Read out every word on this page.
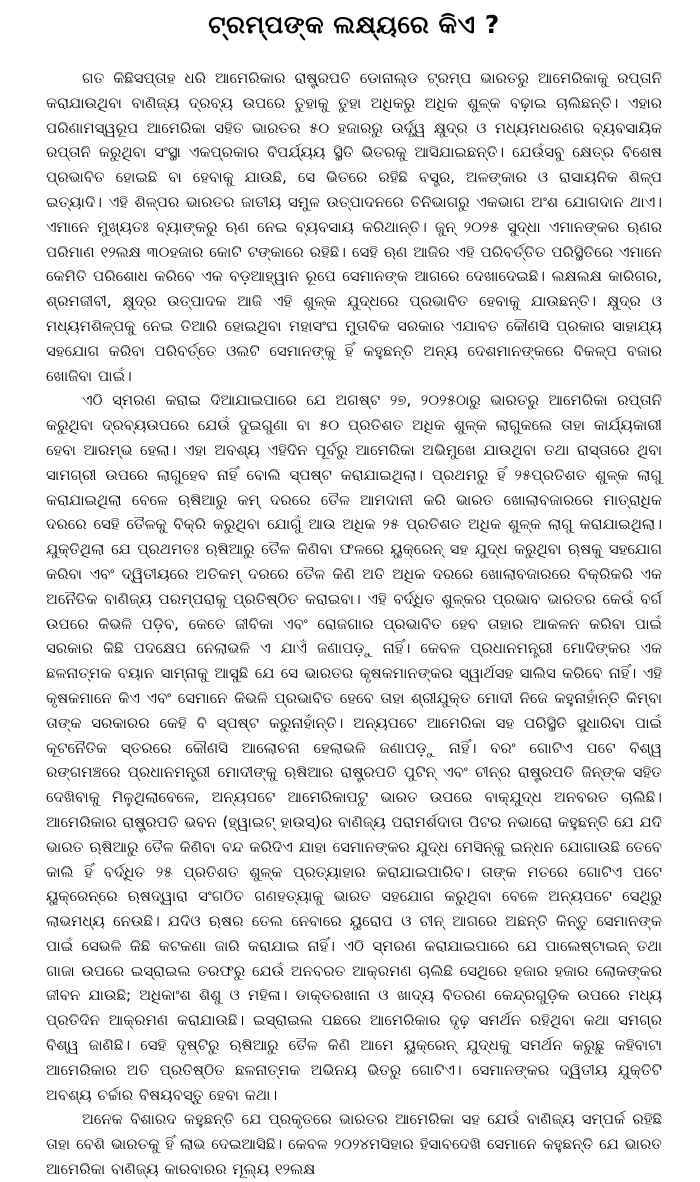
ଟ୍ରମ୍ପଙ୍କ ଲକ୍ଷ୍ୟରେ କିଏ ?

ଗତ କିଛିସପ୍ତାହ ଧରି ଆମେରିକାର ରାଷ୍ଟ୍ରପତି ଡୋନାଲ୍ଡ ଟ୍ରମ୍ପ ଭାରତରୁ ଆମେରିକାକୁ ରପ୍ତାନି କରାଯାଉଥିବା ବାଣିଜ୍ୟ ଦ୍ରବ୍ୟ ଉପରେ ତୁହାକୁ ତୁହା ଅଧିକରୁ ଅଧିକ ଶୁଳ୍କ ବଢ଼ାଇ ଚାଲିଛନ୍ତି। ଏହାର ପରିଣାମସ୍ୱରୂପ ଆମେରିକା ସହିତ ଭାରତର ୫୦ ହଜାରରୁ ଉର୍ଦ୍ଧ୍ୱ କ୍ଷୁଦ୍ର ଓ ମଧ୍ୟମଧରଣର ବ୍ୟବସାୟିକ ରପ୍ତାନି କରୁଥିବା ସଂସ୍ଥା ଏକପ୍ରକାର ବିପର୍ଯ୍ୟୟ ସ୍ଥିତି ଭିତରକୁ ଆସିଯାଇଛନ୍ତି। ଯେଉଁସବୁ କ୍ଷେତ୍ର ବିଶେଷ ପ୍ରଭାବିତ ହୋଇଛି ବା ହେବାକୁ ଯାଉଛି, ସେ ଭିତରେ ରହିଛି ବସ୍ତ୍ର, ଅଳଙ୍କାର ଓ ରାସାୟନିକ ଶିଳ୍ପ ଇତ୍ୟାଦି। ଏହି ଶିଳ୍ପର ଭାରତର ଜାତୀୟ ସମୁଳ ଉତ୍ପାଦନରେ ତିନିଭାଗରୁ ଏକଭାଗ ଅଂଶ ଯୋଗଦାନ ଥାଏ। ଏମାନେ ମୁଖ୍ୟତଃ ବ୍ୟାଙ୍କରୁ ଋଣ ନେଇ ବ୍ୟବସାୟ କରିଥାନ୍ତି। ଜୁନ୍ ୨୦୨୫ ସୁଦ୍ଧା ଏମାନଙ୍କର ଋଣର ପରିମାଣ ୧୨ଲକ୍ଷ ୩୦ହଜାର କୋଟି ଟଙ୍କାରେ ରହିଛି। ସେହି ଋଣ ଆଜିର ଏହି ପରିବର୍ତ୍ତିତ ପରିସ୍ଥିତିରେ ଏମାନେ କେମିତି ପରିଶୋଧ କରିବେ ଏକ ବଡ଼ଆହ୍ୱାନ ରୂପେ ସେମାନଙ୍କ ଆଗରେ ଦେଖାଦେଇଛି। ଲକ୍ଷଲକ୍ଷ କାରିଗର, ଶ୍ରମଜୀବୀ, କ୍ଷୁଦ୍ର ଉତ୍ପାଦକ ଆଜି ଏହି ଶୁଳ୍କ ଯୁଦ୍ଧରେ ପ୍ରଭାବିତ ହେବାକୁ ଯାଉଛନ୍ତି। କ୍ଷୁଦ୍ର ଓ ମଧ୍ୟମଶିଳ୍ପକୁ ନେଇ ତିଆରି ହୋଇଥିବା ମହାସଂଘ ମୁତାବିକ ସରକାର ଏଯାବତ କୌଣସି ପ୍ରକାର ସାହାଯ୍ୟ ସହଯୋଗ କରିବା ପରିବର୍ତ୍ତେ ଓଲଟି ସେମାନଙ୍କୁ ହିଁ କହୁଛନ୍ତି ଅନ୍ୟ ଦେଶମାନଙ୍କରେ ବିକଳ୍ପ ବଜାର ଖୋଜିବା ପାଇଁ।

ଏଠି ସ୍ମରଣ କରାଇ ଦିଆଯାଇପାରେ ଯେ ଅଗଷ୍ଟ ୨୭, ୨୦୨୫ଠାରୁ ଭାରତରୁ ଆମେରିକା ରପ୍ତାନି କରୁଥିବା ଦ୍ରବ୍ୟଉପରେ ଯେଉଁ ଦୁଇଗୁଣା ବା ୫୦ ପ୍ରତିଶତ ଅଧିକ ଶୁଳ୍କ ଲାଗୁକଲେ ତାହା କାର୍ଯ୍ୟକାରୀ ହେବା ଆରମ୍ଭ ହେଲା। ଏହା ଅବଶ୍ୟ ଏହିଦିନ ପୂର୍ବରୁ ଆମେରିକା ଅଭିମୁଖେ ଯାଉଥିବା ତଥା ରାସ୍ତାରେ ଥିବା ସାମଗ୍ରୀ ଉପରେ ଲାଗୁହେବ ନାହିଁ ବୋଲି ସ୍ପଷ୍ଟ କରାଯାଇଥିଲା। ପ୍ରଥମରୁ ହିଁ ୨୫ପ୍ରତିଶତ ଶୁଳ୍କ ଲାଗୁ କରାଯାଇଥିଲା ବେଳେ ଋଷିଆରୁ କମ୍ ଦରରେ ତୈଳ ଆମଦାନୀ କରି ଭାରତ ଖୋଲାବଜାରରେ ମାତ୍ରାଧିକ ଦରରେ ସେହି ତୈଳକୁ ବିକ୍ରି କରୁଥିବା ଯୋଗୁଁ ଆଉ ଅଧିକ ୨୫ ପ୍ରତିଶତ ଅଧିକ ଶୁଳ୍କ ଲାଗୁ କରାଯାଇଥିଲା। ଯୁକ୍ତିଥିଲା ଯେ ପ୍ରଥମତଃ ଋଷିଆରୁ ତୈଳ କିଣିବା ଫଳରେ ୟୁକ୍ରେନ୍ ସହ ଯୁଦ୍ଧ କରୁଥିବା ଋଷକୁ ସହଯୋଗ କରିବା ଏବଂ ଦ୍ୱିତୀୟରେ ଅତିକମ୍ ଦରରେ ତୈଳ କିଣି ଅତି ଅଧିକ ଦରରେ ଖୋଲାବଜାରରେ ବିକ୍ରିକରି ଏକ ଅନୈତିକ ବାଣିଜ୍ୟ ପରମ୍ପରାକୁ ପ୍ରତିଷ୍ଠିତ କରାଇବା। ଏହି ବର୍ଦ୍ଧିତ ଶୁଳ୍କର ପ୍ରଭାବ ଭାରତର କେଉଁ ବର୍ଗ ଉପରେ କିଭଳି ପଡ଼ିବ, କେତେ ଜୀବିକା ଏବଂ ରୋଜଗାର ପ୍ରଭାବିତ ହେବ ତାହାର ଆକଳନ କରିବା ପାଇଁ ସରକାର କିଛି ପଦକ୍ଷେପ ନେଲାଭଳି ଏ ଯାଏଁ ଜଣାପଡ଼ୁ ନାହିଁ। କେବଳ ପ୍ରଧାନମନ୍ତ୍ରୀ ମୋଦିଙ୍କର ଏକ ଛଳନାତ୍ମକ ବୟାନ ସାମ୍ନାକୁ ଆସୁଛି ଯେ ସେ ଭାରତର କୃଷକମାନଙ୍କର ସ୍ୱାର୍ଥସହ ସାଲିସ କରିବେ ନାହିଁ। ଏହି କୃଷକମାନେ କିଏ ଏବଂ ସେମାନେ କିଭଳି ପ୍ରଭାବିତ ହେବେ ତାହା ଶ୍ରୀଯୁକ୍ତ ମୋଦୀ ନିଜେ କହୁନାହାଁନ୍ତି କିମ୍ବା ତାଙ୍କ ସରକାରର କେହି ବି ସ୍ପଷ୍ଟ କରୁନାହାଁନ୍ତି। ଅନ୍ୟପଟେ ଆମେରିକା ସହ ପରିସ୍ଥିତି ସୁଧାରିବା ପାଇଁ କୂଟନୈତିକ ସ୍ତରରେ କୌଣସି ଆଲୋଚନା ହେଲାଭଳି ଜଣାପଡ଼ୁ ନାହିଁ। ବରଂ ଗୋଟିଏ ପଟେ ବିଶ୍ୱ ରଙ୍ଗମଞ୍ଚରେ ପ୍ରଧାନମନ୍ତ୍ରୀ ମୋଦୀଙ୍କୁ ଋଷିଆର ରାଷ୍ଟ୍ରପତି ପୁଟିନ୍ ଏବଂ ଚୀନ୍‌ର ରାଷ୍ଟ୍ରପତି ଜିନ୍‌ଙ୍କ ସହିତ ଦେଖିବାକୁ ମିଳୁଥିଲାବେଳେ, ଅନ୍ୟପଟେ ଆମେରିକାପଟୁ ଭାରତ ଉପରେ ବାକ୍‌ଯୁଦ୍ଧ ଅନବରତ ଚାଲିଛି। ଆମେରିକାର ରାଷ୍ଟ୍ରପତି ଭବନ (ହ୍ୱାଇଟ୍ ହାଉସ୍)ର ବାଣିଜ୍ୟ ପରାମର୍ଶଦାତା ପିଟର ନଭାରୋ କହୁଛନ୍ତି ଯେ ଯଦି ଭାରତ ଋଷିଆରୁ ତୈଳ କିଣିବା ବନ୍ଦ କରିଦିଏ ଯାହା ସେମାନଙ୍କର ଯୁଦ୍ଧ ମେସିନ୍‌କୁ ଇନ୍ଧନ ଯୋଗାଉଛି ତେବେ କାଲି ହିଁ ବର୍ଦ୍ଧିତ ୨୫ ପ୍ରତିଶତ ଶୁଳ୍କ ପ୍ରତ୍ୟାହାର କରାଯାଇପାରିବ। ତାଙ୍କ ମତରେ ଗୋଟିଏ ପଟେ ୟୁକ୍ରେନ୍‌ରେ ଋଷଦ୍ୱାରା ସଂଗଠିତ ଗଣହତ୍ୟାକୁ ଭାରତ ସହଯୋଗ କରୁଥିବା ବେଳେ ଅନ୍ୟପଟେ ସେଥିରୁ ଲାଭମଧ୍ୟ ନେଉଛି। ଯଦିଓ ଋଷର ତେଲ ନେବାରେ ୟୁରୋପ ଓ ଚୀନ୍ ଆଗରେ ଅଛନ୍ତି କିନ୍ତୁ ସେମାନଙ୍କ ପାଇଁ ସେଭଳି କିଛି କଟକଣା ଜାରି କରାଯାଇ ନାହିଁ। ଏଠି ସ୍ମରଣ କରାଯାଇପାରେ ଯେ ପାଲେଷ୍ଟାଇନ୍ ତଥା ଗାଜା ଉପରେ ଇସ୍ରାଇଲ ତରଫରୁ ଯେଉଁ ଅନବରତ ଆକ୍ରମଣ ଚାଲିଛି ସେଥିରେ ହଜାର ହଜାର ଲୋକଙ୍କର ଜୀବନ ଯାଉଛି; ଅଧିକାଂଶ ଶିଶୁ ଓ ମହିଳା। ଡାକ୍ତରଖାନା ଓ ଖାଦ୍ୟ ବିତରଣ କେନ୍ଦ୍ରଗୁଡ଼ିକ ଉପରେ ମଧ୍ୟ ପ୍ରତିଦିନ ଆକ୍ରମଣ କରାଯାଉଛି। ଇସ୍ରାଇଲ ପଛରେ ଆମେରିକାର ଦୃଢ଼ ସମର୍ଥନ ରହିଥିବା କଥା ସମଗ୍ର ବିଶ୍ୱ ଜାଣିଛି। ସେହି ଦୃଷ୍ଟିରୁ ଋଷିଆରୁ ତୈଳ କିଣି ଆମେ ୟୁକ୍ରେନ୍ ଯୁଦ୍ଧକୁ ସମର୍ଥନ କରୁଛୁ କହିବାଟା ଆମେରିକାର ଅତି ପ୍ରତିଷ୍ଠିତ ଛଳନାତ୍ମକ ଅଭିନୟ ଭିତରୁ ଗୋଟିଏ। ସେମାନଙ୍କର ଦ୍ୱିତୀୟ ଯୁକ୍ତିଟି ଅବଶ୍ୟ ଚର୍ଚ୍ଚାର ବିଷୟବସ୍ତୁ ହେବା କଥା।

ଅନେକ ବିଶାରଦ କହୁଛନ୍ତି ଯେ ପ୍ରକୃତରେ ଭାରତର ଆମେରିକା ସହ ଯେଉଁ ବାଣିଜ୍ୟ ସମ୍ପର୍କ ରହିଛି ତାହା ବେଶି ଭାରତକୁ ହିଁ ଲାଭ ଦେଇଆସିଛି। କେବଳ ୨୦୨୪ମସିହାର ହିସାବଦେଖି ସେମାନେ କହୁଛନ୍ତି ଯେ ଭାରତ ଆମେରିକା ବାଣିଜ୍ୟ କାରବାରର ମୂଲ୍ୟ ୧୨ଲକ୍ଷ
